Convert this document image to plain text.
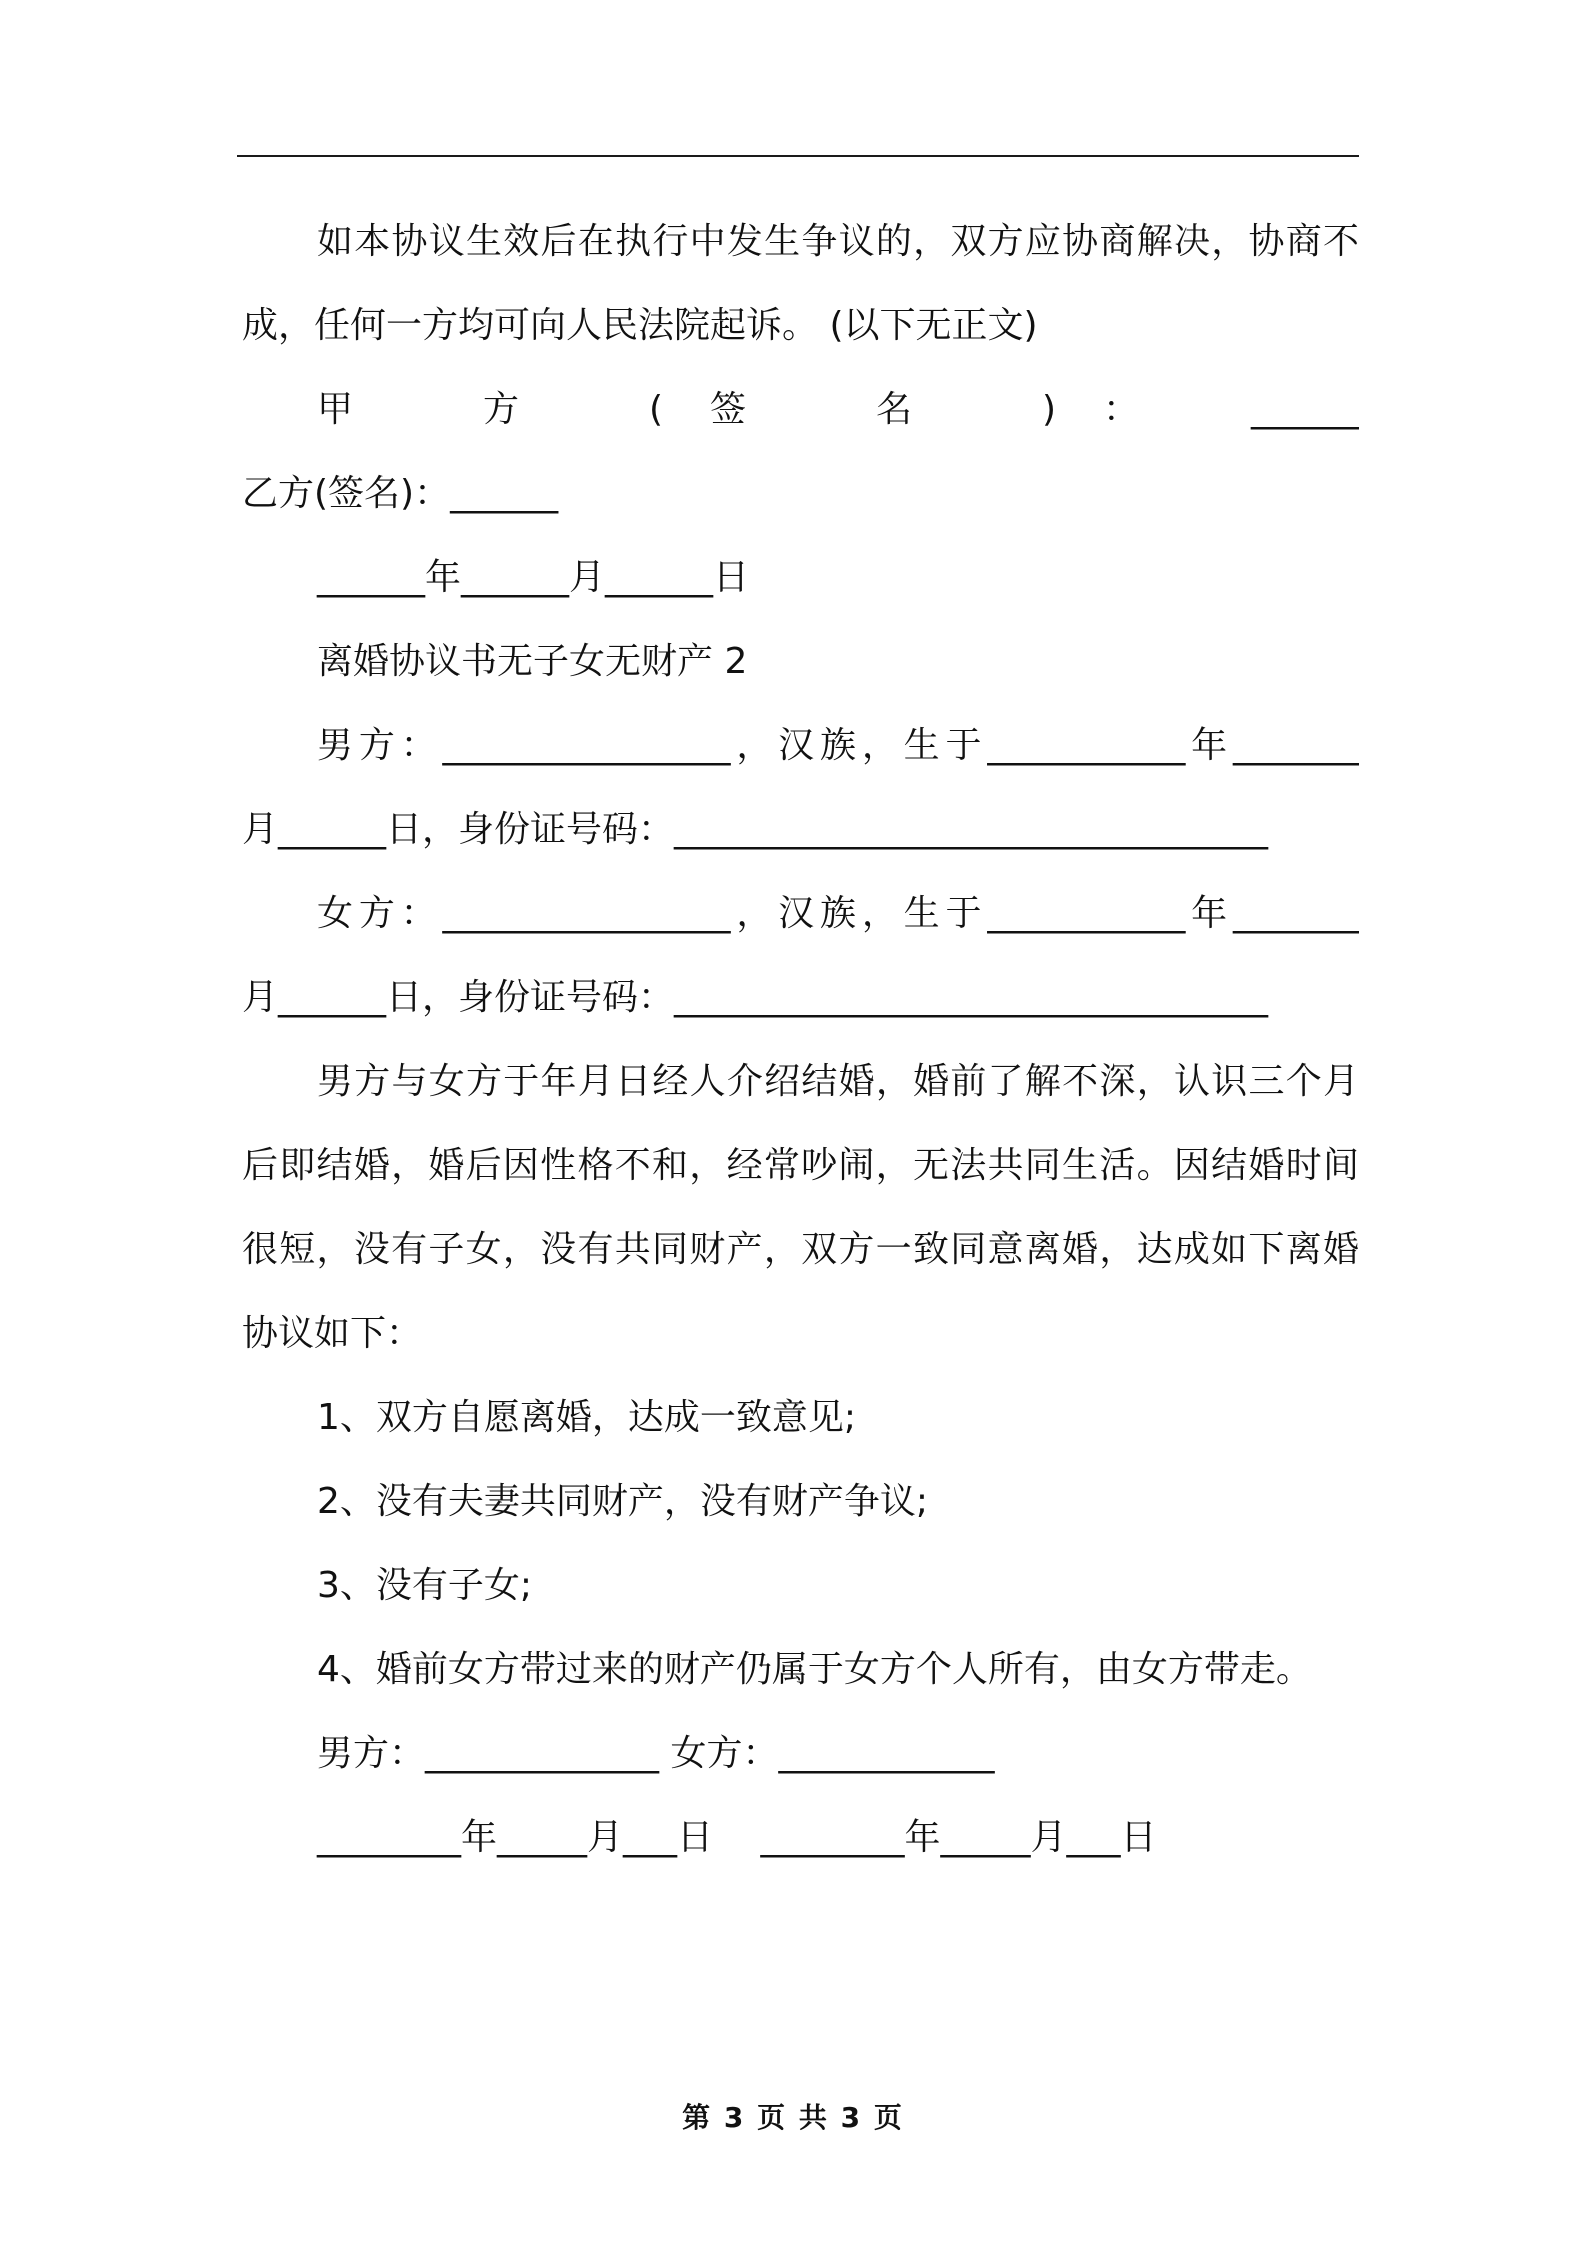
如本协议生效后在执行中发生争议的，双方应协商解决，协商不
成，任何一方均可向人民法院起诉。 (以下无正文)
甲　方　(签　名　)：　______
乙方(签名)：______
______年______月______日
离婚协议书无子女无财产 2
男方：________________，汉族，生于___________年_______
月______日，身份证号码：_________________________________
女方：________________，汉族，生于___________年_______
月______日，身份证号码：_________________________________
男方与女方于年月日经人介绍结婚，婚前了解不深，认识三个月
后即结婚，婚后因性格不和，经常吵闹，无法共同生活。因结婚时间
很短，没有子女，没有共同财产，双方一致同意离婚，达成如下离婚
协议如下：
1、双方自愿离婚，达成一致意见;
2、没有夫妻共同财产，没有财产争议;
3、没有子女;
4、婚前女方带过来的财产仍属于女方个人所有，由女方带走。
男方：_____________ 女方：____________
________年_____月___日　 ________年_____月___日
第 3 页 共 3 页
